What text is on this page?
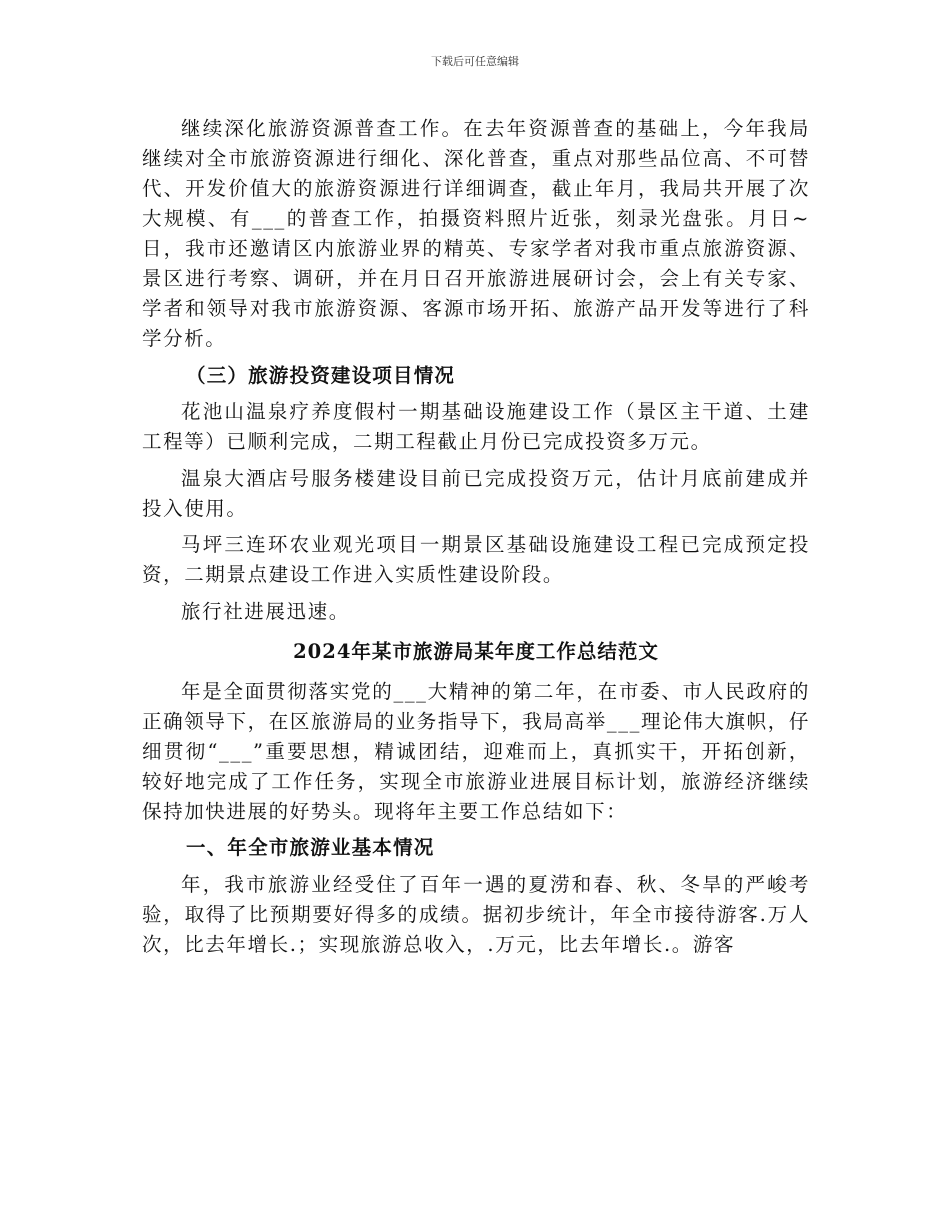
下载后可任意编辑

继续深化旅游资源普查工作。在去年资源普查的基础上，今年我局继续对全市旅游资源进行细化、深化普查，重点对那些品位高、不可替代、开发价值大的旅游资源进行详细调查，截止年月，我局共开展了次大规模、有___的普查工作，拍摄资料照片近张，刻录光盘张。月日~日，我市还邀请区内旅游业界的精英、专家学者对我市重点旅游资源、景区进行考察、调研，并在月日召开旅游进展研讨会，会上有关专家、学者和领导对我市旅游资源、客源市场开拓、旅游产品开发等进行了科学分析。

（三）旅游投资建设项目情况

花池山温泉疗养度假村一期基础设施建设工作（景区主干道、土建工程等）已顺利完成，二期工程截止月份已完成投资多万元。

温泉大酒店号服务楼建设目前已完成投资万元，估计月底前建成并投入使用。

马坪三连环农业观光项目一期景区基础设施建设工程已完成预定投资，二期景点建设工作进入实质性建设阶段。

旅行社进展迅速。

2024年某市旅游局某年度工作总结范文

年是全面贯彻落实党的___大精神的第二年，在市委、市人民政府的正确领导下，在区旅游局的业务指导下，我局高举___理论伟大旗帜，仔细贯彻“___”重要思想，精诚团结，迎难而上，真抓实干，开拓创新，较好地完成了工作任务，实现全市旅游业进展目标计划，旅游经济继续保持加快进展的好势头。现将年主要工作总结如下：

一、年全市旅游业基本情况

年，我市旅游业经受住了百年一遇的夏涝和春、秋、冬旱的严峻考验，取得了比预期要好得多的成绩。据初步统计，年全市接待游客.万人次，比去年增长.；实现旅游总收入，.万元，比去年增长.。游客
